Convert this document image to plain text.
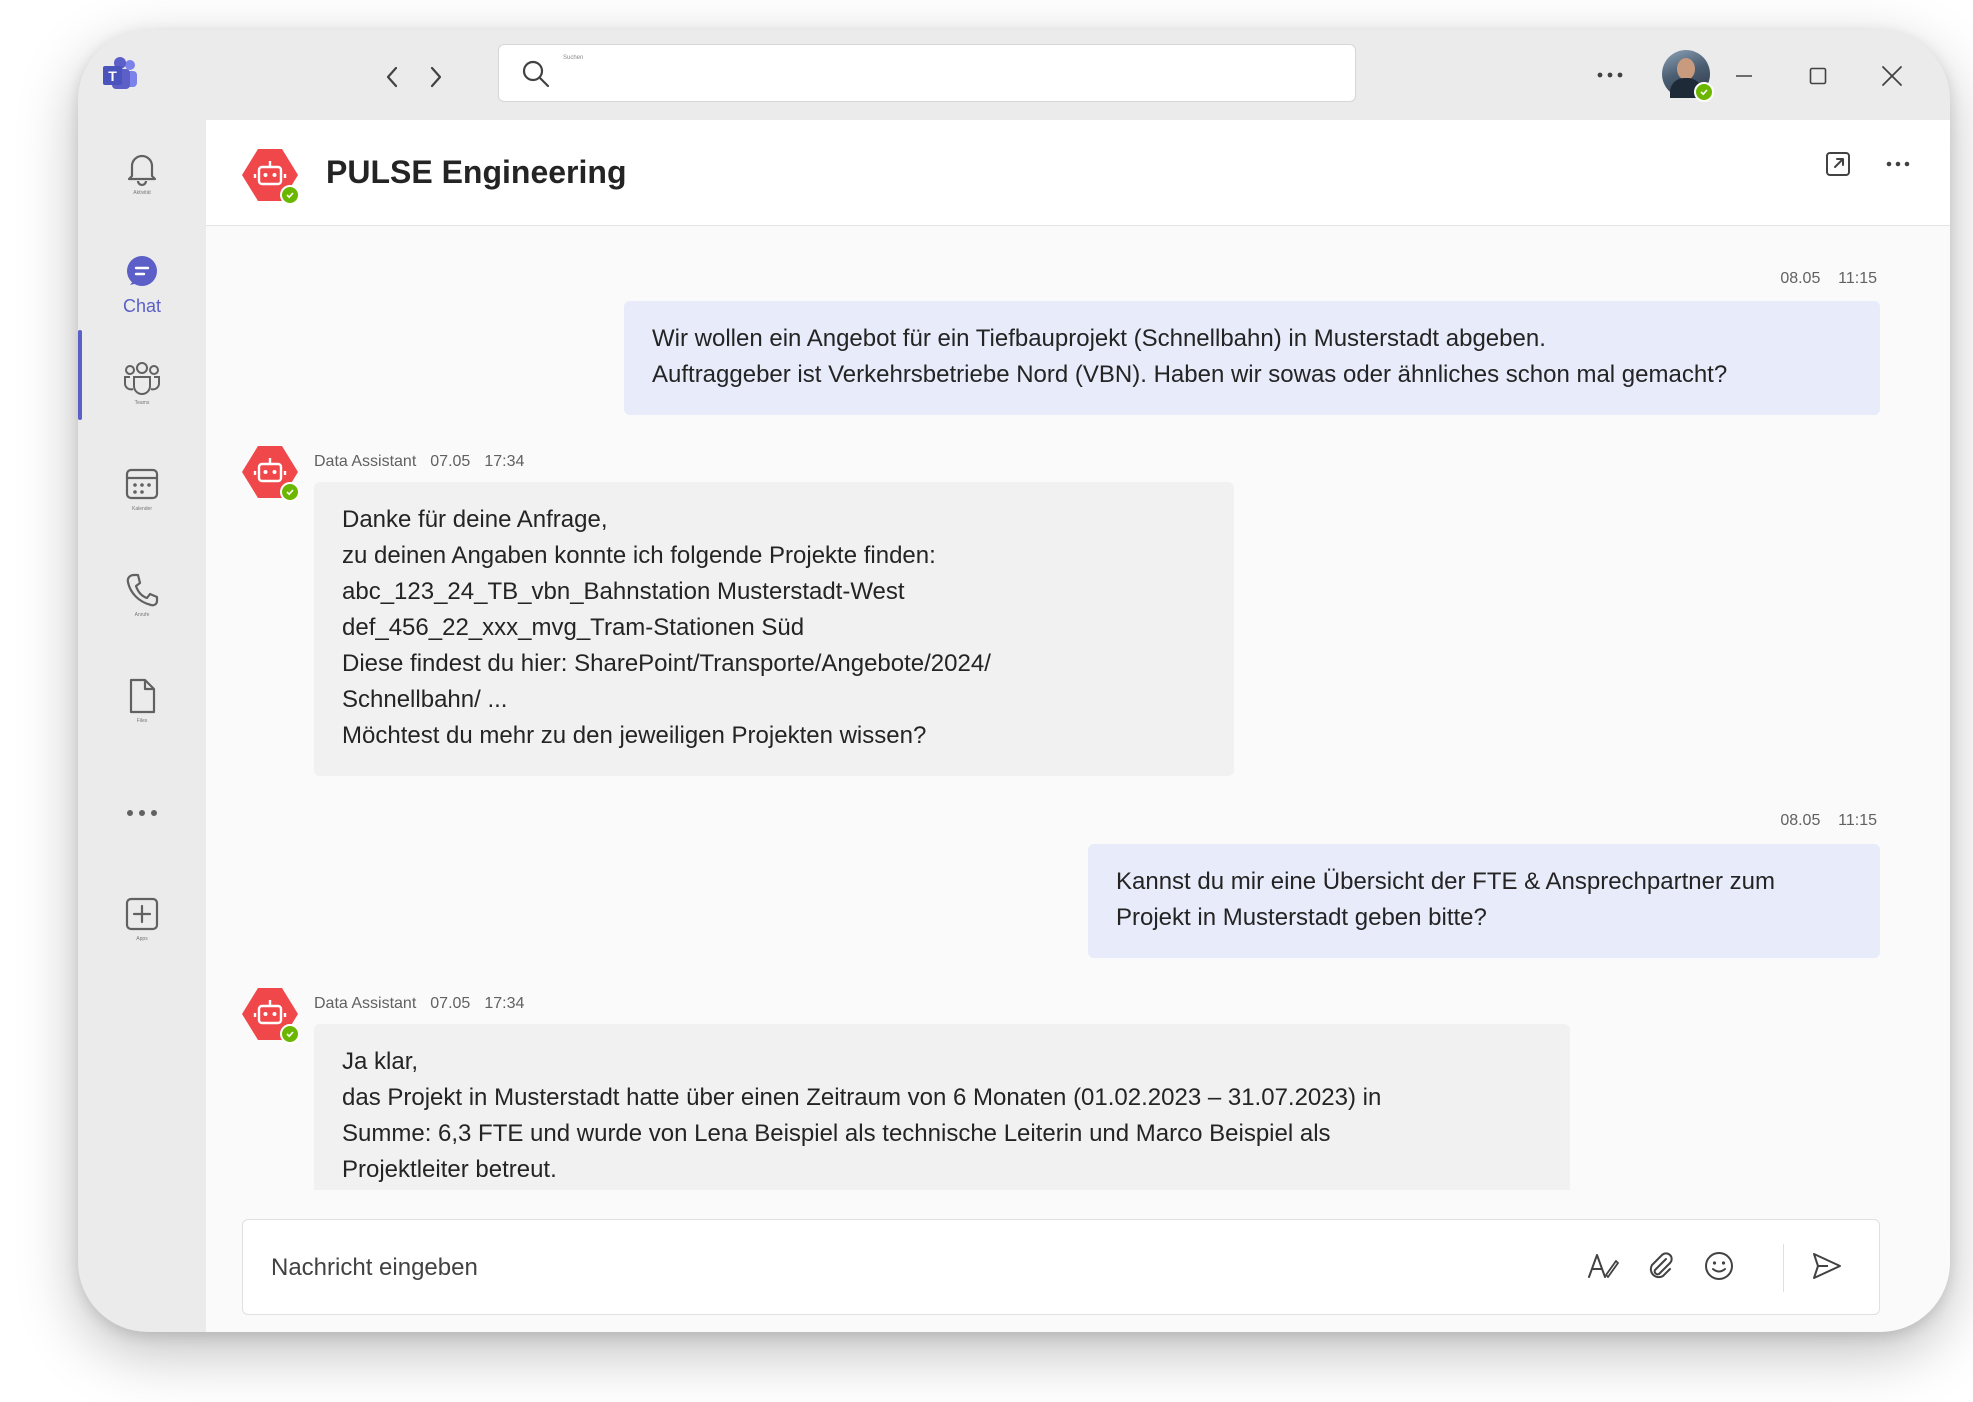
T
Suchen
Aktivität
Chat
Teams
Kalender
Anrufe
Files
Apps
PULSE Engineering
08.05 11:15
Wir wollen ein Angebot für ein Tiefbauprojekt (Schnellbahn) in Musterstadt abgeben.
Auftraggeber ist Verkehrsbetriebe Nord (VBN). Haben wir sowas oder ähnliches schon mal gemacht?
Data Assistant 07.05 17:34
Danke für deine Anfrage,
zu deinen Angaben konnte ich folgende Projekte finden:
abc_123_24_TB_vbn_Bahnstation Musterstadt-West
def_456_22_xxx_mvg_Tram-Stationen Süd
Diese findest du hier: SharePoint/Transporte/Angebote/2024/
Schnellbahn/ ...
Möchtest du mehr zu den jeweiligen Projekten wissen?
08.05 11:15
Kannst du mir eine Übersicht der FTE & Ansprechpartner zum
Projekt in Musterstadt geben bitte?
Data Assistant 07.05 17:34
Ja klar,
das Projekt in Musterstadt hatte über einen Zeitraum von 6 Monaten (01.02.2023 – 31.07.2023) in
Summe: 6,3 FTE und wurde von Lena Beispiel als technische Leiterin und Marco Beispiel als
Projektleiter betreut.
Nachricht eingeben
